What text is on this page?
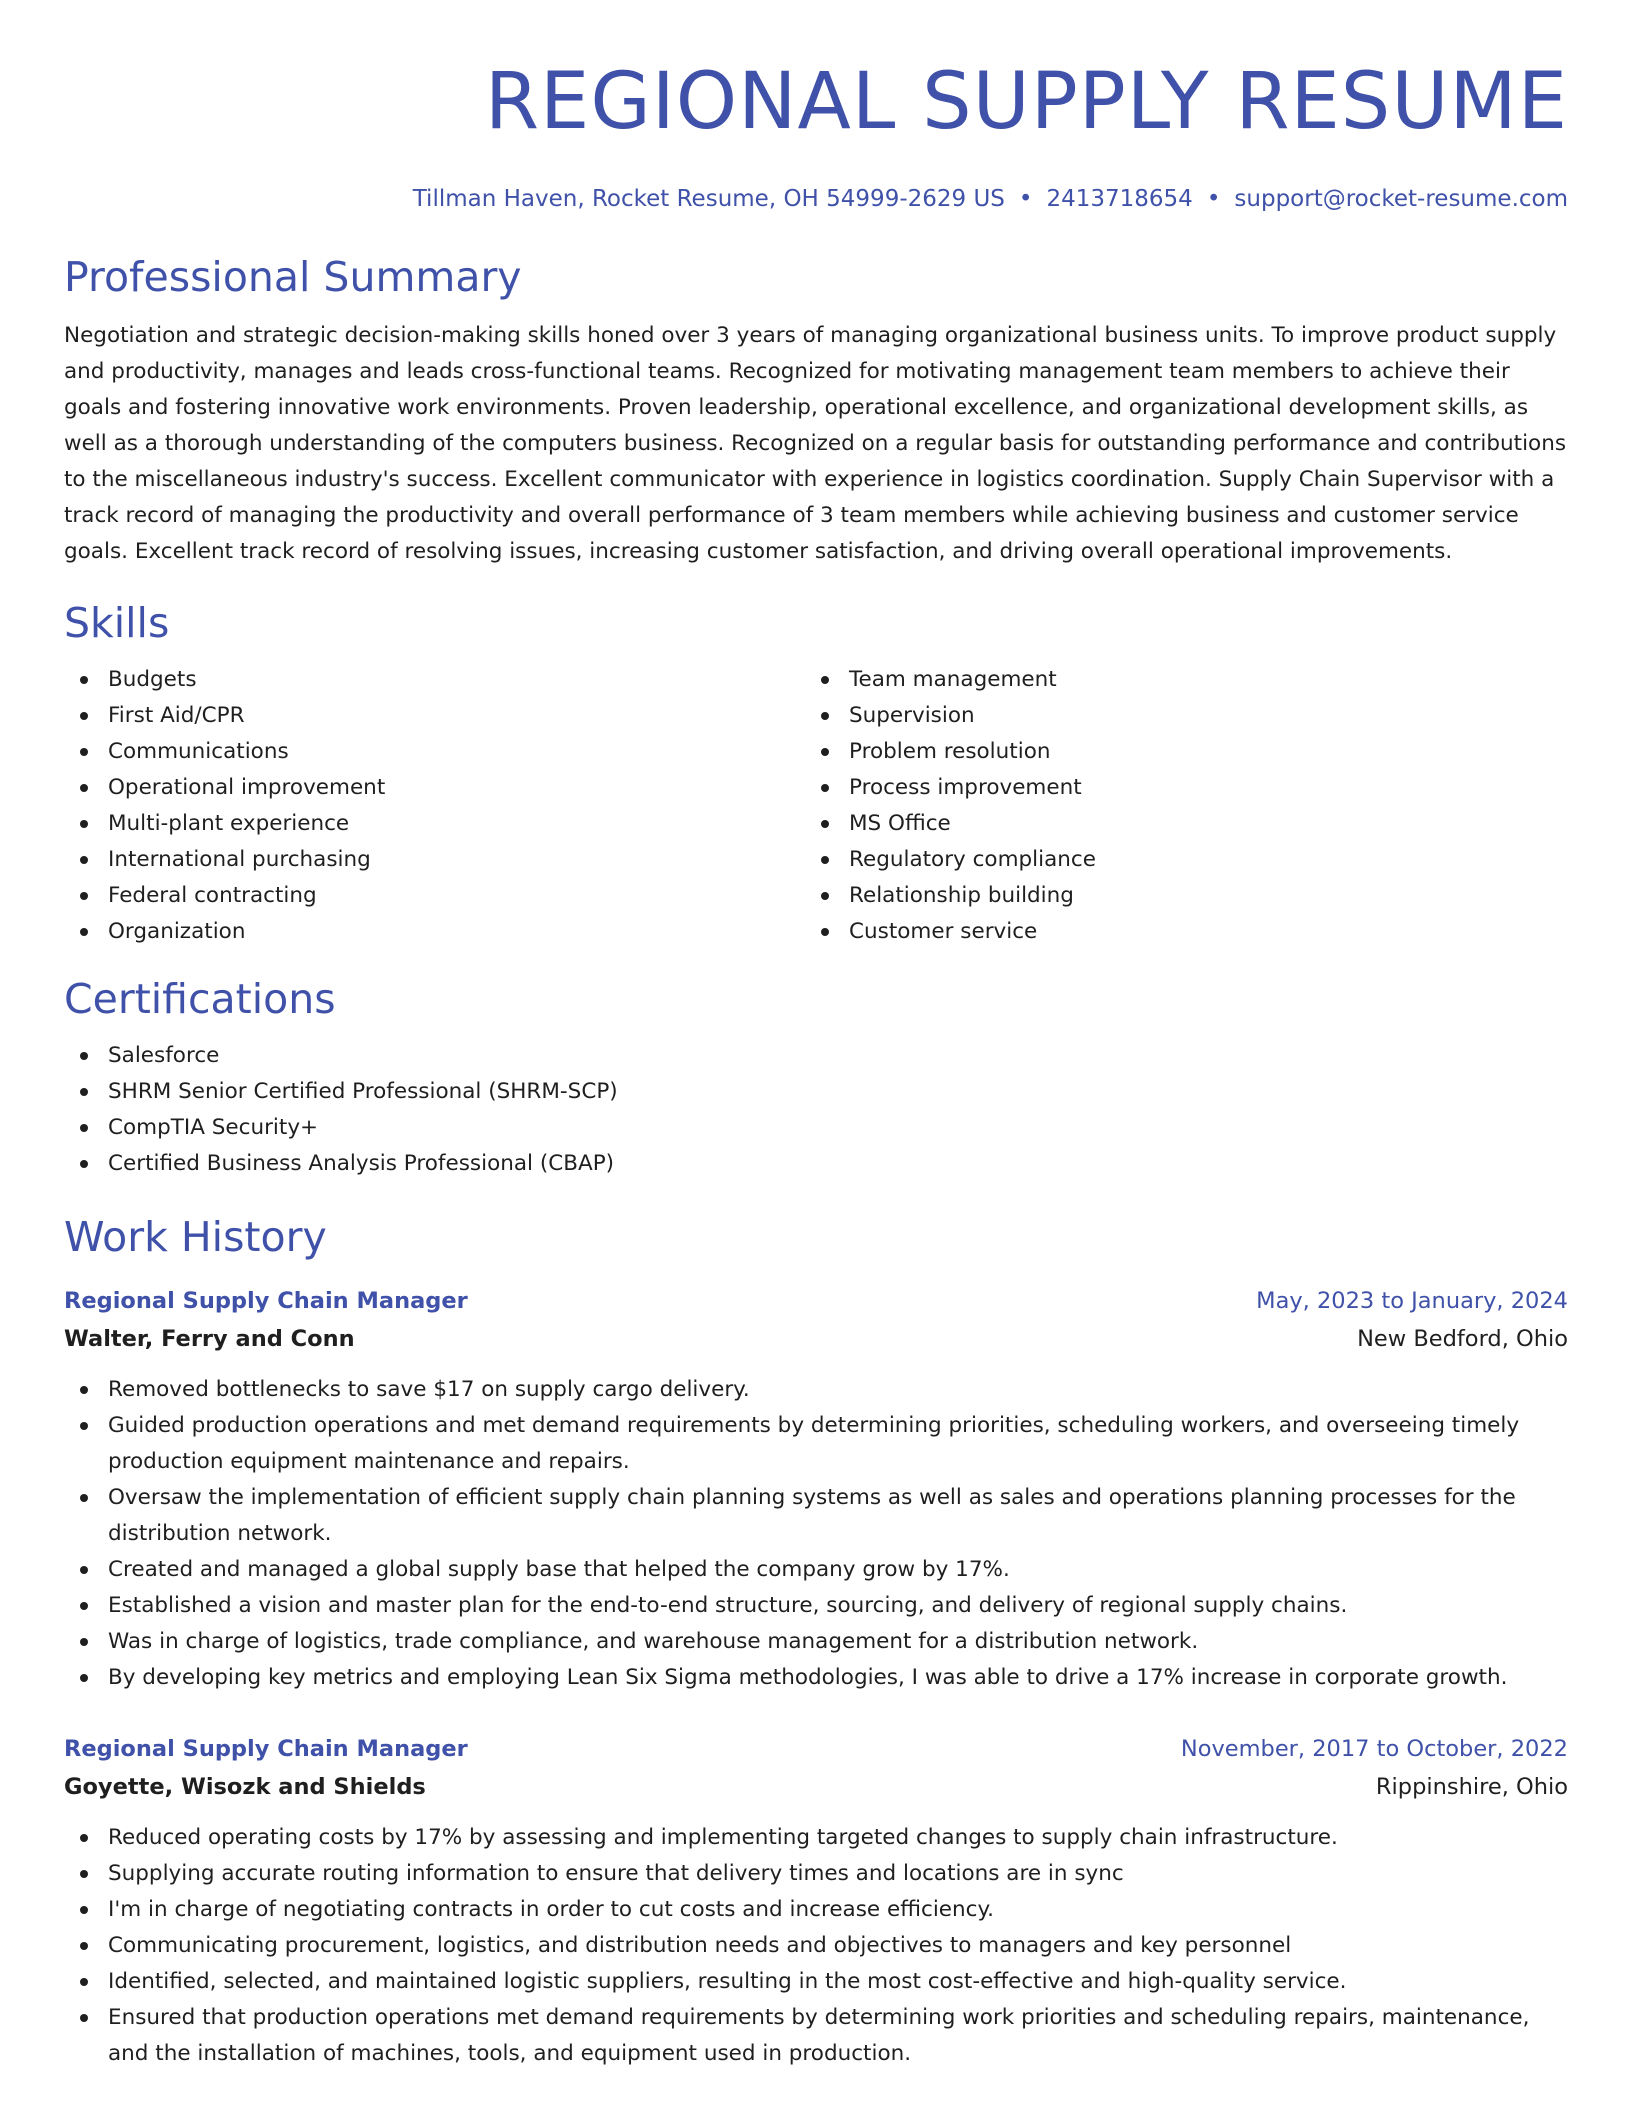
REGIONAL SUPPLY RESUME
Tillman Haven, Rocket Resume, OH 54999-2629 US • 2413718654 • support@rocket-resume.com
Professional Summary

Negotiation and strategic decision-making skills honed over 3 years of managing organizational business units. To improve product supply and productivity, manages and leads cross-functional teams. Recognized for motivating management team members to achieve their goals and fostering innovative work environments. Proven leadership, operational excellence, and organizational development skills, as well as a thorough understanding of the computers business. Recognized on a regular basis for outstanding performance and contributions to the miscellaneous industry's success. Excellent communicator with experience in logistics coordination. Supply Chain Supervisor with a track record of managing the productivity and overall performance of 3 team members while achieving business and customer service goals. Excellent track record of resolving issues, increasing customer satisfaction, and driving overall operational improvements.

Skills
Budgets
First Aid/CPR
Communications
Operational improvement
Multi-plant experience
International purchasing
Federal contracting
Organization
Team management
Supervision
Problem resolution
Process improvement
MS Office
Regulatory compliance
Relationship building
Customer service
Certifications
Salesforce
SHRM Senior Certified Professional (SHRM-SCP)
CompTIA Security+
Certified Business Analysis Professional (CBAP)
Work History
Regional Supply Chain Manager	May, 2023 to January, 2024
Walter, Ferry and Conn	New Bedford, Ohio
Removed bottlenecks to save $17 on supply cargo delivery.
Guided production operations and met demand requirements by determining priorities, scheduling workers, and overseeing timely production equipment maintenance and repairs.
Oversaw the implementation of efficient supply chain planning systems as well as sales and operations planning processes for the distribution network.
Created and managed a global supply base that helped the company grow by 17%.
Established a vision and master plan for the end-to-end structure, sourcing, and delivery of regional supply chains.
Was in charge of logistics, trade compliance, and warehouse management for a distribution network.
By developing key metrics and employing Lean Six Sigma methodologies, I was able to drive a 17% increase in corporate growth.
Regional Supply Chain Manager	November, 2017 to October, 2022
Goyette, Wisozk and Shields	Rippinshire, Ohio
Reduced operating costs by 17% by assessing and implementing targeted changes to supply chain infrastructure.
Supplying accurate routing information to ensure that delivery times and locations are in sync
I'm in charge of negotiating contracts in order to cut costs and increase efficiency.
Communicating procurement, logistics, and distribution needs and objectives to managers and key personnel
Identified, selected, and maintained logistic suppliers, resulting in the most cost-effective and high-quality service.
Ensured that production operations met demand requirements by determining work priorities and scheduling repairs, maintenance, and the installation of machines, tools, and equipment used in production.
